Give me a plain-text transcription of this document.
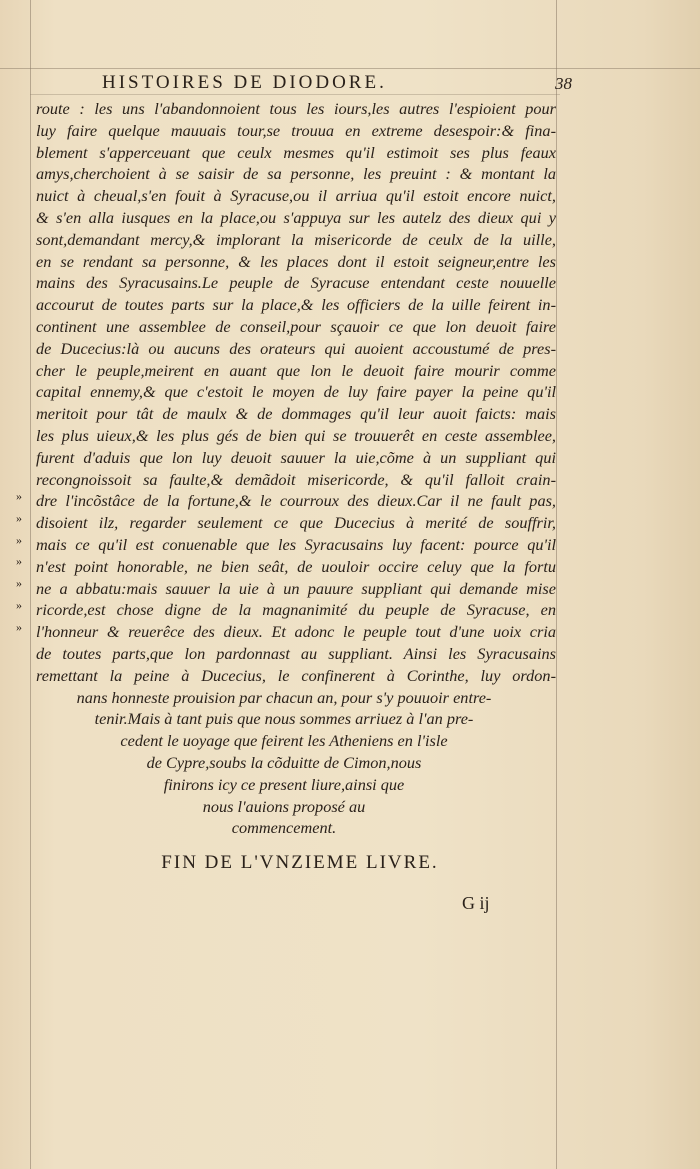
HISTOIRES DE DIODORE.	38
»
»
»
»
»
»
»
route : les uns l'abandonnoient tous les iours,les autres l'espioient pour
luy faire quelque mauuais tour,se trouua en extreme desespoir:& fina-
blement s'apperceuant que ceulx mesmes qu'il estimoit ses plus feaux
amys,cherchoient à se saisir de sa personne, les preuint : & montant la
nuict à cheual,s'en fouit à Syracuse,ou il arriua qu'il estoit encore nuict,
& s'en alla iusques en la place,ou s'appuya sur les autelz des dieux qui y
sont,demandant mercy,& implorant la misericorde de ceulx de la uille,
en se rendant sa personne, & les places dont il estoit seigneur,entre les
mains des Syracusains.Le peuple de Syracuse entendant ceste nouuelle
accourut de toutes parts sur la place,& les officiers de la uille feirent in-
continent une assemblee de conseil,pour sçauoir ce que lon deuoit faire
de Ducecius:là ou aucuns des orateurs qui auoient accoustumé de pres-
cher le peuple,meirent en auant que lon le deuoit faire mourir comme
capital ennemy,& que c'estoit le moyen de luy faire payer la peine qu'il
meritoit pour tât de maulx & de dommages qu'il leur auoit faicts: mais
les plus uieux,& les plus gés de bien qui se trouuerêt en ceste assemblee,
furent d'aduis que lon luy deuoit sauuer la uie,cõme à un suppliant qui
recongnoissoit sa faulte,& demãdoit misericorde, & qu'il falloit crain-
dre l'incõstâce de la fortune,& le courroux des dieux.Car il ne fault pas,
disoient ilz, regarder seulement ce que Ducecius à merité de souffrir,
mais ce qu'il est conuenable que les Syracusains luy facent: pource qu'il
n'est point honorable, ne bien seât, de uouloir occire celuy que la fortu
ne a abbatu:mais sauuer la uie à un pauure suppliant qui demande mise
ricorde,est chose digne de la magnanimité du peuple de Syracuse, en
l'honneur & reuerêce des dieux. Et adonc le peuple tout d'une uoix cria
de toutes parts,que lon pardonnast au suppliant. Ainsi les Syracusains
remettant la peine à Ducecius, le confinerent à Corinthe, luy ordon-
nans honneste prouision par chacun an, pour s'y pouuoir entre-
tenir.Mais à tant puis que nous sommes arriuez à l'an pre-
cedent le uoyage que feirent les Atheniens en l'isle
de Cypre,soubs la cõduitte de Cimon,nous
finirons icy ce present liure,ainsi que
nous l'auions proposé au
commencement.
FIN DE L'VNZIEME LIVRE.
G ij
